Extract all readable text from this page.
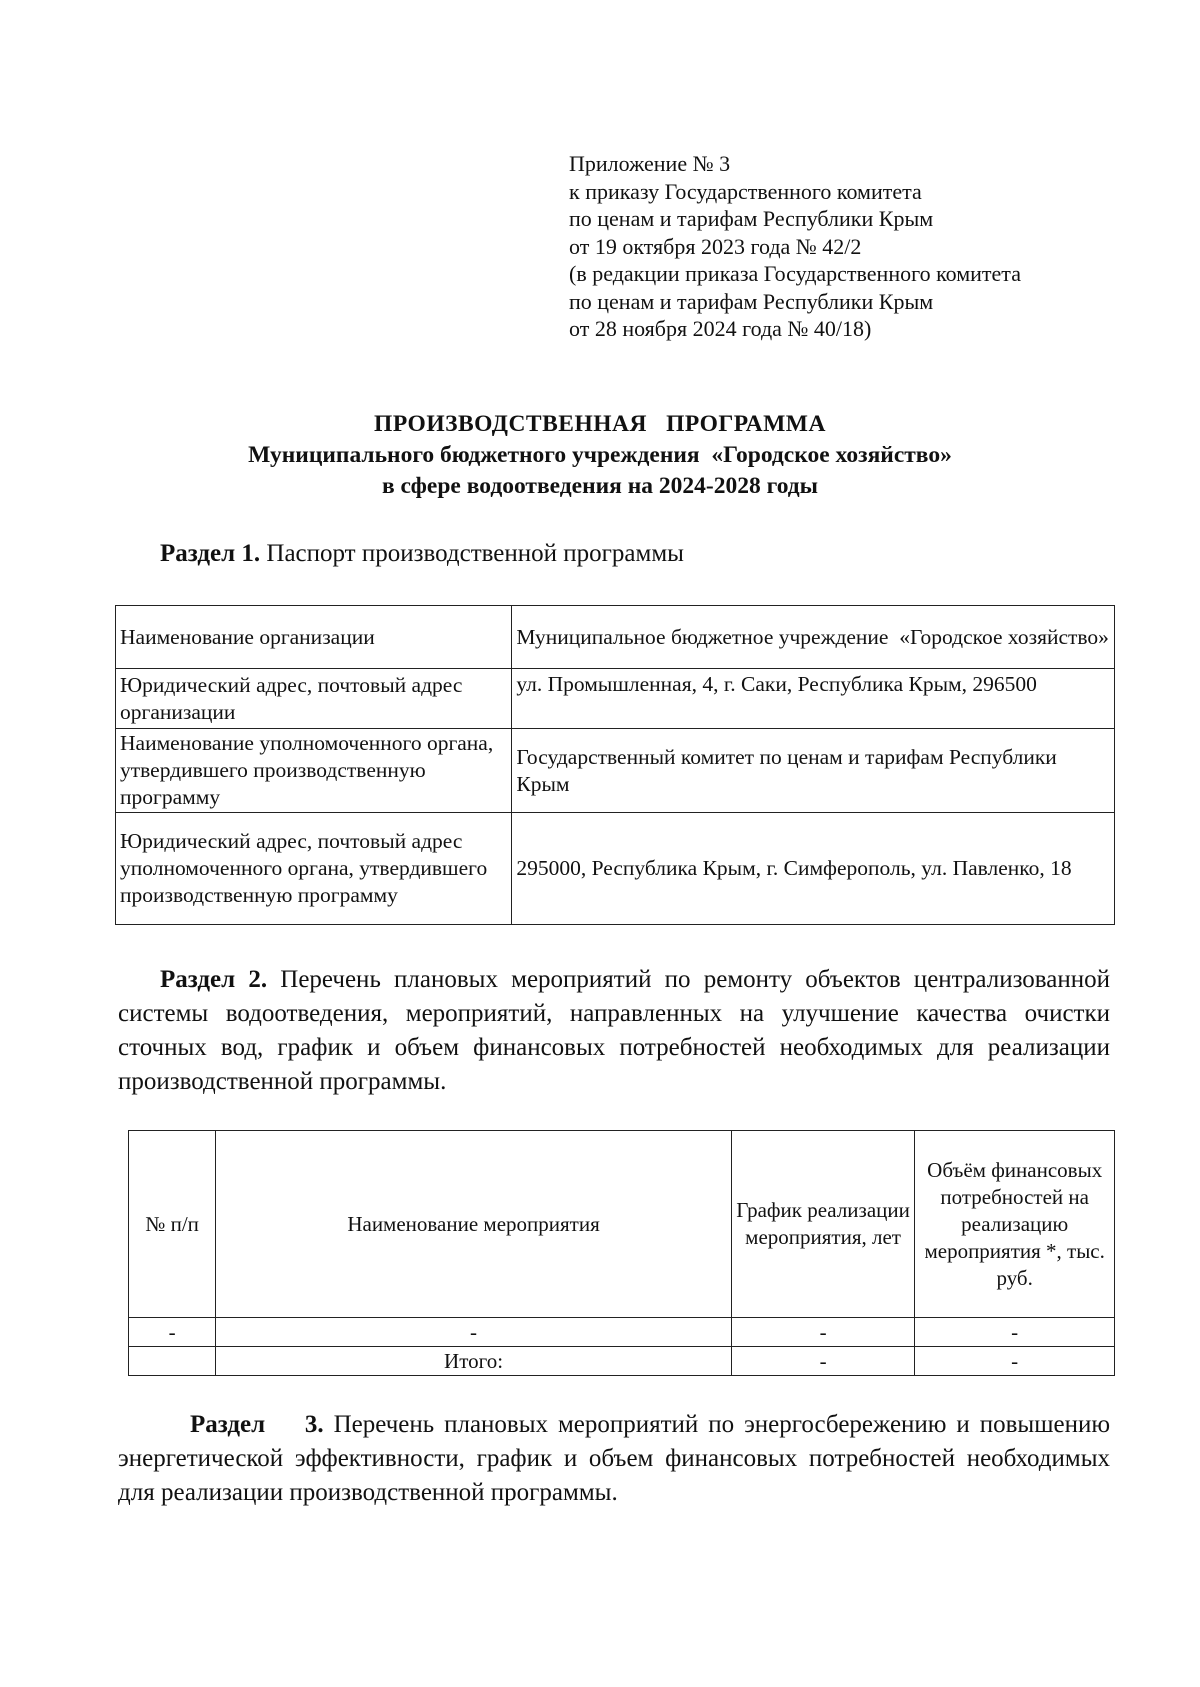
Приложение № 3
к приказу Государственного комитета
по ценам и тарифам Республики Крым
от 19 октября 2023 года № 42/2
(в редакции приказа Государственного комитета
по ценам и тарифам Республики Крым
от 28 ноября 2024 года № 40/18)
ПРОИЗВОДСТВЕННАЯ   ПРОГРАММА
Муниципального бюджетного учреждения  «Городское хозяйство»
в сфере водоотведения на 2024-2028 годы
Раздел 1. Паспорт производственной программы
Наименование организации	Муниципальное бюджетное учреждение  «Городское хозяйство»
Юридический адрес, почтовый адрес организации	ул. Промышленная, 4, г. Саки, Республика Крым, 296500
Наименование уполномоченного органа, утвердившего производственную программу	Государственный комитет по ценам и тарифам Республики Крым
Юридический адрес, почтовый адрес уполномоченного органа, утвердившего производственную программу	295000, Республика Крым, г. Симферополь, ул. Павленко, 18
Раздел 2. Перечень плановых мероприятий по ремонту объектов централизованной системы водоотведения, мероприятий, направленных на улучшение качества очистки сточных вод, график и объем финансовых потребностей необходимых для реализации производственной программы.
№ п/п	Наименование мероприятия	График реализации мероприятия, лет	Объём финансовых потребностей на реализацию мероприятия *, тыс. руб.
-	-	-	-
	Итого:	-	-
Раздел 3. Перечень плановых мероприятий по энергосбережению и повышению энергетической эффективности, график и объем финансовых потребностей необходимых для реализации производственной программы.
